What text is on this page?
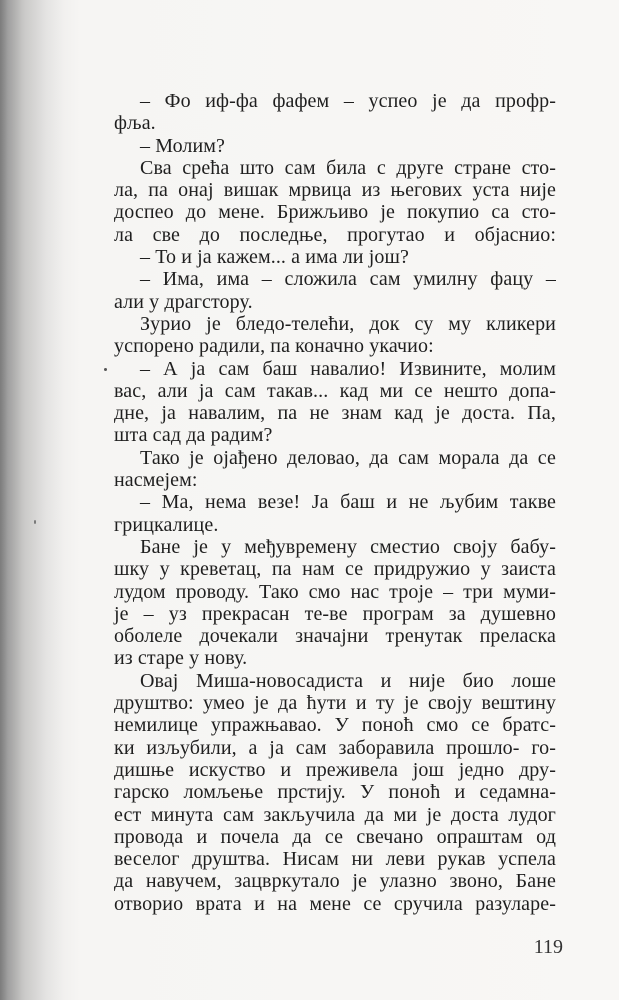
– Фо иф-фа фафем – успео је да профр-
фља.
– Молим?
Сва срећа што сам била с друге стране сто-
ла, па онај вишак мрвица из његових уста није
доспео до мене. Брижљиво је покупио са сто-
ла све до последње, прогутао и објаснио:
– То и ја кажем... а има ли још?
– Има, има – сложила сам умилну фацу –
али у драгстору.
Зурио је бледо-телећи, док су му кликери
успорено радили, па коначно укачио:
– А ја сам баш навалио! Извините, молим
вас, али ја сам такав... кад ми се нешто допа-
дне, ја навалим, па не знам кад је доста. Па,
шта сад да радим?
Тако је ојађено деловао, да сам морала да се
насмејем:
– Ма, нема везе! Ја баш и не љубим такве
грицкалице.
Бане је у међувремену сместио своју бабу-
шку у креветац, па нам се придружио у заиста
лудом проводу. Тако смо нас троје – три муми-
је – уз прекрасан те-ве програм за душевно
оболеле дочекали значајни тренутак преласка
из старе у нову.
Овај Миша-новосадиста и није био лоше
друштво: умео је да ћути и ту је своју вештину
немилице упражњавао. У поноћ смо се братс-
ки изљубили, а ја сам заборавила прошло- го-
дишње искуство и преживела још једно дру-
гарско ломљење прстију. У поноћ и седамна-
ест минута сам закључила да ми је доста лудог
провода и почела да се свечано опраштам од
веселог друштва. Нисам ни леви рукав успела
да навучем, зацвркутало је улазно звоно, Бане
отворио врата и на мене се сручила разуларе-
119
